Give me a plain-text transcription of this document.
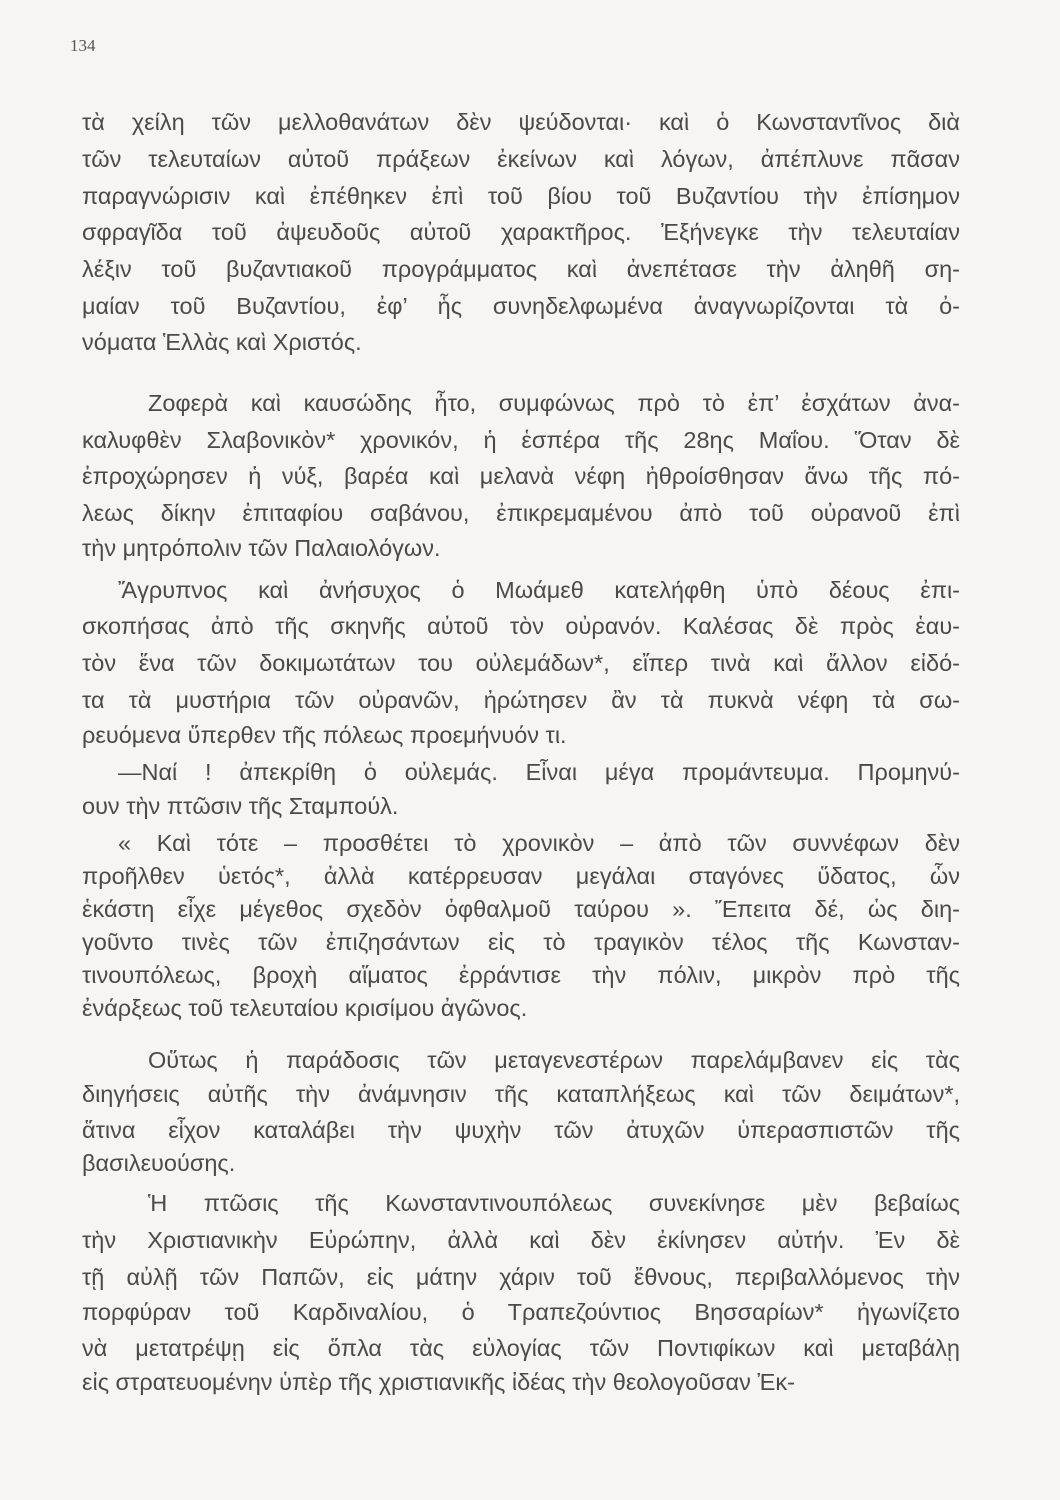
134
τὰ χείλη τῶν μελλοθανάτων δὲν ψεύδονται· καὶ ὁ Κωνσταντῖνος διὰ
τῶν τελευταίων αὐτοῦ πράξεων ἐκείνων καὶ λόγων, ἀπέπλυνε πᾶσαν
παραγνώρισιν καὶ ἐπέθηκεν ἐπὶ τοῦ βίου τοῦ Βυζαντίου τὴν ἐπίσημον
σφραγῖδα τοῦ ἀψευδοῦς αὐτοῦ χαρακτῆρος. Ἐξήνεγκε τὴν τελευταίαν
λέξιν τοῦ βυζαντιακοῦ προγράμματος καὶ ἀνεπέτασε τὴν ἀληθῆ ση-
μαίαν τοῦ Βυζαντίου, ἐφ’ ἧς συνηδελφωμένα ἀναγνωρίζονται τὰ ὀ-
νόματα Ἑλλὰς καὶ Χριστός.
Ζοφερὰ καὶ καυσώδης ἦτο, συμφώνως πρὸ τὸ ἐπ’ ἐσχάτων ἀνα-
καλυφθὲν Σλαβονικὸν* χρονικόν, ἡ ἑσπέρα τῆς 28ης Μαΐου. Ὅταν δὲ
ἐπροχώρησεν ἡ νύξ, βαρέα καὶ μελανὰ νέφη ἠθροίσθησαν ἄνω τῆς πό-
λεως δίκην ἐπιταφίου σαβάνου, ἐπικρεμαμένου ἀπὸ τοῦ οὐρανοῦ ἐπὶ
τὴν μητρόπολιν τῶν Παλαιολόγων.
Ἄγρυπνος καὶ ἀνήσυχος ὁ Μωάμεθ κατελήφθη ὑπὸ δέους ἐπι-
σκοπήσας ἀπὸ τῆς σκηνῆς αὐτοῦ τὸν οὐρανόν. Καλέσας δὲ πρὸς ἑαυ-
τὸν ἕνα τῶν δοκιμωτάτων του οὐλεμάδων*, εἴπερ τινὰ καὶ ἄλλον εἰδό-
τα τὰ μυστήρια τῶν οὐρανῶν, ἠρώτησεν ἂν τὰ πυκνὰ νέφη τὰ σω-
ρευόμενα ὕπερθεν τῆς πόλεως προεμήνυόν τι.
—Ναί ! ἀπεκρίθη ὁ οὐλεμάς. Εἶναι μέγα προμάντευμα. Προμηνύ-
ουν τὴν πτῶσιν τῆς Σταμπούλ.
« Καὶ τότε – προσθέτει τὸ χρονικὸν – ἀπὸ τῶν συννέφων δὲν
προῆλθεν ὑετός*, ἀλλὰ κατέρρευσαν μεγάλαι σταγόνες ὕδατος, ὧν
ἑκάστη εἶχε μέγεθος σχεδὸν ὀφθαλμοῦ ταύρου ». Ἔπειτα δέ, ὡς διη-
γοῦντο τινὲς τῶν ἐπιζησάντων εἰς τὸ τραγικὸν τέλος τῆς Κωνσταν-
τινουπόλεως, βροχὴ αἵματος ἐρράντισε τὴν πόλιν, μικρὸν πρὸ τῆς
ἐνάρξεως τοῦ τελευταίου κρισίμου ἀγῶνος.
Οὕτως ἡ παράδοσις τῶν μεταγενεστέρων παρελάμβανεν εἰς τὰς
διηγήσεις αὐτῆς τὴν ἀνάμνησιν τῆς καταπλήξεως καὶ τῶν δειμάτων*,
ἅτινα εἶχον καταλάβει τὴν ψυχὴν τῶν ἀτυχῶν ὑπερασπιστῶν τῆς
βασιλευούσης.
Ἡ πτῶσις τῆς Κωνσταντινουπόλεως συνεκίνησε μὲν βεβαίως
τὴν Χριστιανικὴν Εὐρώπην, ἀλλὰ καὶ δὲν ἐκίνησεν αὐτήν. Ἐν δὲ
τῇ αὐλῇ τῶν Παπῶν, εἰς μάτην χάριν τοῦ ἔθνους, περιβαλλόμενος τὴν
πορφύραν τοῦ Καρδιναλίου, ὁ Τραπεζούντιος Βησσαρίων* ἠγωνίζετο
νὰ μετατρέψῃ εἰς ὅπλα τὰς εὐλογίας τῶν Ποντιφίκων καὶ μεταβάλῃ
εἰς στρατευομένην ὑπὲρ τῆς χριστιανικῆς ἰδέας τὴν θεολογοῦσαν Ἐκ-
